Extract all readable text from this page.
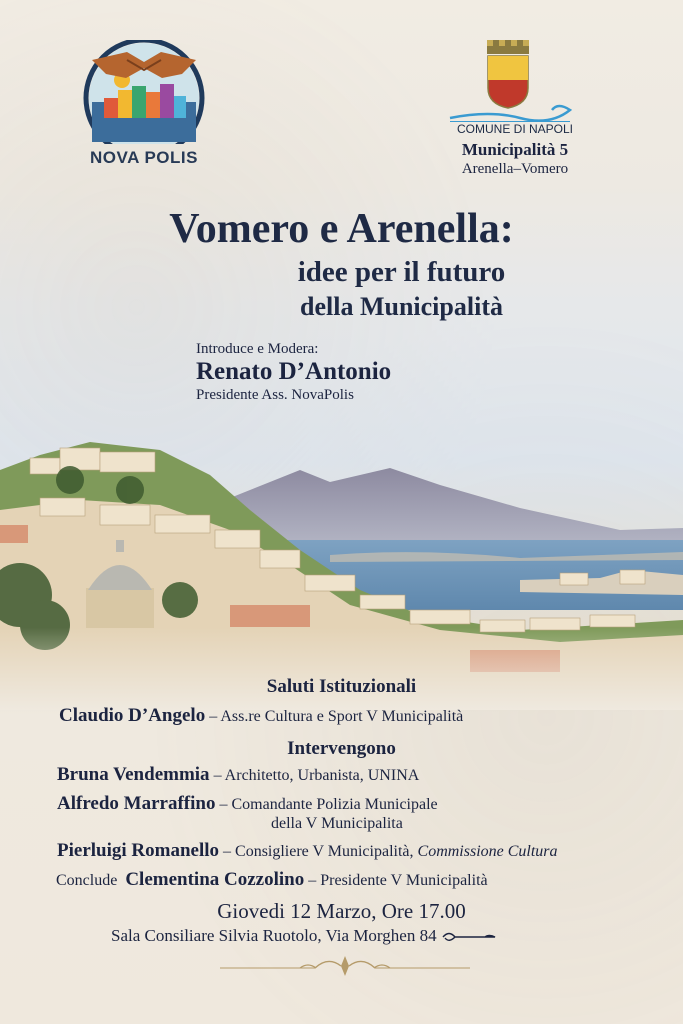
NOVA POLIS
COMUNE DI NAPOLI
Municipalità 5
Arenella–Vomero
Vomero e Arenella:
idee per il futuro
della Municipalità
Introduce e Modera:
Renato D’Antonio
Presidente Ass. NovaPolis
Saluti Istituzionali
Claudio D’Angelo – Ass.re Cultura e Sport V Municipalità
Intervengono
Bruna Vendemmia – Architetto, Urbanista, UNINA
Alfredo Marraffino – Comandante Polizia Municipale
della V Municipalita
Pierluigi Romanello – Consigliere V Municipalità, Commissione Cultura
Conclude Clementina Cozzolino – Presidente V Municipalità
Giovedi 12 Marzo, Ore 17.00
Sala Consiliare Silvia Ruotolo, Via Morghen 84
